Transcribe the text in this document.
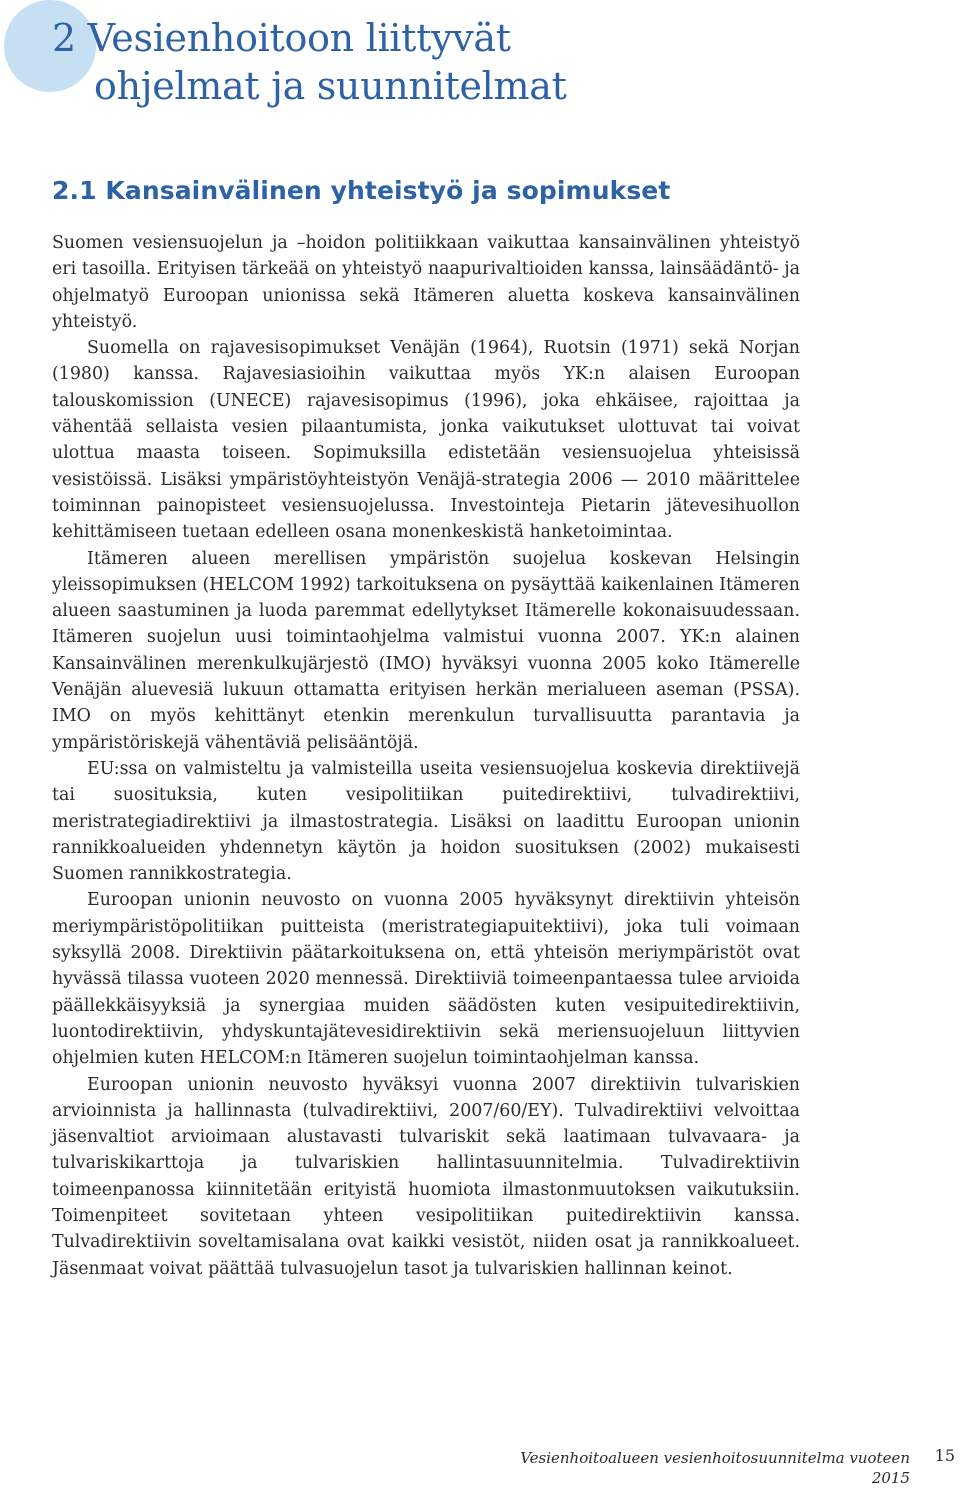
2 Vesienhoitoon liittyvät
ohjelmat ja suunnitelmat
2.1 Kansainvälinen yhteistyö ja sopimukset

Suomen vesiensuojelun ja –hoidon politiikkaan vaikuttaa kansainvälinen yhteistyö eri tasoilla. Erityisen tärkeää on yhteistyö naapurivaltioiden kanssa, lainsäädäntö- ja ohjelmatyö Euroopan unionissa sekä Itämeren aluetta koskeva kansainvälinen yhteistyö.

Suomella on rajavesisopimukset Venäjän (1964), Ruotsin (1971) sekä Norjan (1980) kanssa. Rajavesiasioihin vaikuttaa myös YK:n alaisen Euroopan talouskomission (UNECE) rajavesisopimus (1996), joka ehkäisee, rajoittaa ja vähentää sellaista vesien pilaantumista, jonka vaikutukset ulottuvat tai voivat ulottua maasta toiseen. Sopimuksilla edistetään vesiensuojelua yhteisissä vesistöissä. Lisäksi ympäristöyhteistyön Venäjä-strategia 2006 — 2010 määrittelee toiminnan painopisteet vesiensuojelussa. Investointeja Pietarin jätevesihuollon kehittämiseen tuetaan edelleen osana monenkeskistä hanketoimintaa.

Itämeren alueen merellisen ympäristön suojelua koskevan Helsingin yleissopimuksen (HELCOM 1992) tarkoituksena on pysäyttää kaikenlainen Itämeren alueen saastuminen ja luoda paremmat edellytykset Itämerelle kokonaisuudessaan. Itämeren suojelun uusi toimintaohjelma valmistui vuonna 2007. YK:n alainen Kansainvälinen merenkulkujärjestö (IMO) hyväksyi vuonna 2005 koko Itämerelle Venäjän aluevesiä lukuun ottamatta erityisen herkän merialueen aseman (PSSA). IMO on myös kehittänyt etenkin merenkulun turvallisuutta parantavia ja ympäristöriskejä vähentäviä pelisääntöjä.

EU:ssa on valmisteltu ja valmisteilla useita vesiensuojelua koskevia direktiivejä tai suosituksia, kuten vesipolitiikan puitedirektiivi, tulvadirektiivi, meristrategiadirektiivi ja ilmastostrategia. Lisäksi on laadittu Euroopan unionin rannikkoalueiden yhdennetyn käytön ja hoidon suosituksen (2002) mukaisesti Suomen rannikkostrategia.

Euroopan unionin neuvosto on vuonna 2005 hyväksynyt direktiivin yhteisön meriympäristöpolitiikan puitteista (meristrategiapuitektiivi), joka tuli voimaan syksyllä 2008. Direktiivin päätarkoituksena on, että yhteisön meriympäristöt ovat hyvässä tilassa vuoteen 2020 mennessä. Direktiiviä toimeenpantaessa tulee arvioida päällekkäisyyksiä ja synergiaa muiden säädösten kuten vesipuitedirektiivin, luontodirektiivin, yhdyskuntajätevesidirektiivin sekä meriensuojeluun liittyvien ohjelmien kuten HELCOM:n Itämeren suojelun toimintaohjelman kanssa.

Euroopan unionin neuvosto hyväksyi vuonna 2007 direktiivin tulvariskien arvioinnista ja hallinnasta (tulvadirektiivi, 2007/60/EY). Tulvadirektiivi velvoittaa jäsenvaltiot arvioimaan alustavasti tulvariskit sekä laatimaan tulvavaara- ja tulvariskikarttoja ja tulvariskien hallintasuunnitelmia. Tulvadirektiivin toimeenpanossa kiinnitetään erityistä huomiota ilmastonmuutoksen vaikutuksiin. Toimenpiteet sovitetaan yhteen vesipolitiikan puitedirektiivin kanssa. Tulvadirektiivin soveltamisalana ovat kaikki vesistöt, niiden osat ja rannikkoalueet. Jäsenmaat voivat päättää tulvasuojelun tasot ja tulvariskien hallinnan keinot.

Vesienhoitoalueen vesienhoitosuunnitelma vuoteen 2015
15
